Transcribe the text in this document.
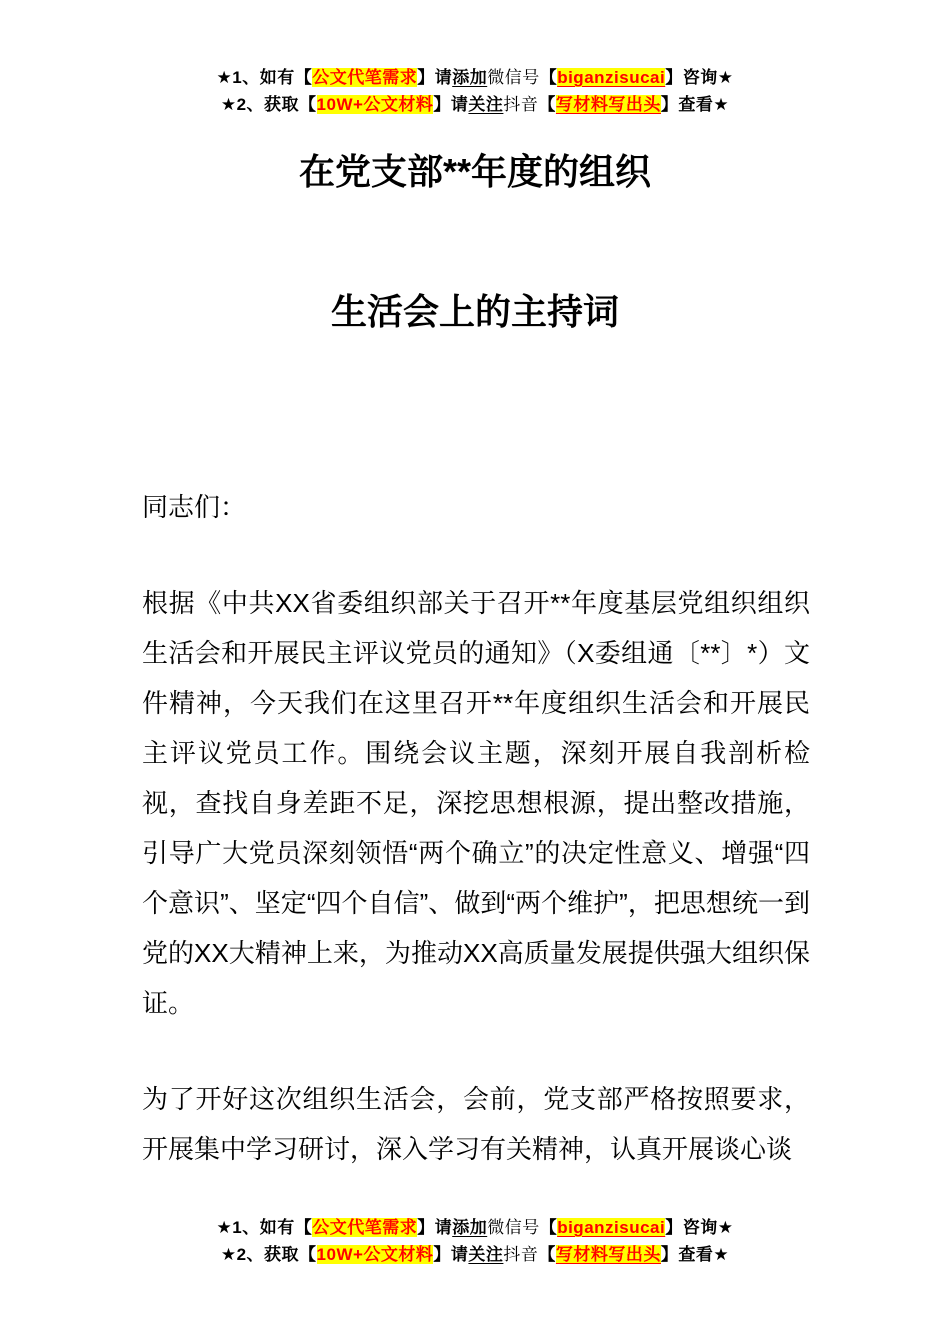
★1、如有【公文代笔需求】请添加微信号【biganzisucai】咨询★
★2、获取【10W+公文材料】请关注抖音【写材料写出头】查看★
在党支部**年度的组织
生活会上的主持词

同志们：

根据《中共XX省委组织部关于召开**年度基层党组织组织生活会和开展民主评议党员的通知》（X委组通〔**〕*）文件精神，今天我们在这里召开**年度组织生活会和开展民主评议党员工作。围绕会议主题，深刻开展自我剖析检视，查找自身差距不足，深挖思想根源，提出整改措施，引导广大党员深刻领悟“两个确立”的决定性意义、增强“四个意识”、坚定“四个自信”、做到“两个维护”，把思想统一到党的XX大精神上来，为推动XX高质量发展提供强大组织保证。

为了开好这次组织生活会，会前，党支部严格按照要求，开展集中学习研讨，深入学习有关精神，认真开展谈心谈

★1、如有【公文代笔需求】请添加微信号【biganzisucai】咨询★
★2、获取【10W+公文材料】请关注抖音【写材料写出头】查看★
